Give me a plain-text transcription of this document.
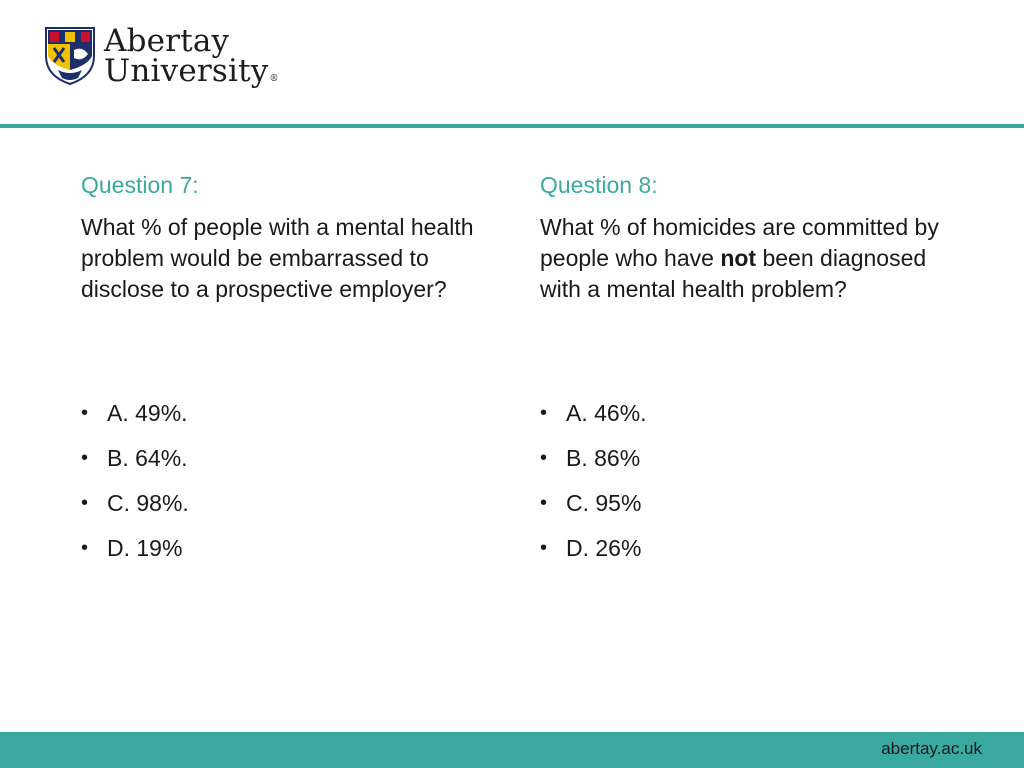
Abertay
University®
Question 7:

What % of people with a mental health problem would be embarrassed to disclose to a prospective employer?

• A. 49%.
• B. 64%.
• C. 98%.
• D. 19%
Question 8:

What % of homicides are committed by people who have not been diagnosed with a mental health problem?

• A. 46%.
• B. 86%
• C. 95%
• D. 26%
abertay.ac.uk
